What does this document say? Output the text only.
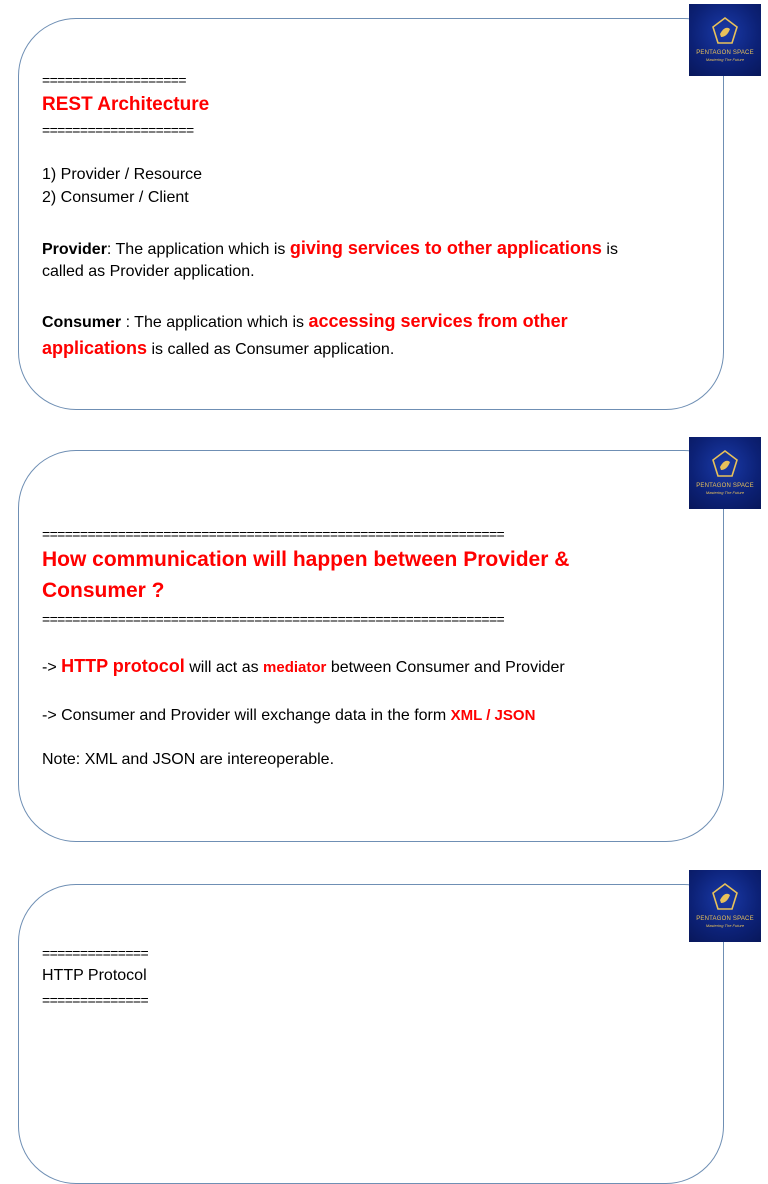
PENTAGON SPACE
Mastering The Future
===================
REST Architecture
====================
1) Provider / Resource
2) Consumer / Client
Provider: The application which is giving services to other applications is
called as Provider application.
Consumer : The application which is accessing services from other
applications is called as Consumer application.
PENTAGON SPACE
Mastering The Future
=============================================================
How communication will happen between Provider &
Consumer ?
=============================================================
-> HTTP protocol will act as mediator between Consumer and Provider
-> Consumer and Provider will exchange data in the form XML / JSON
Note: XML and JSON are intereoperable.
PENTAGON SPACE
Mastering The Future
==============
HTTP Protocol
==============
